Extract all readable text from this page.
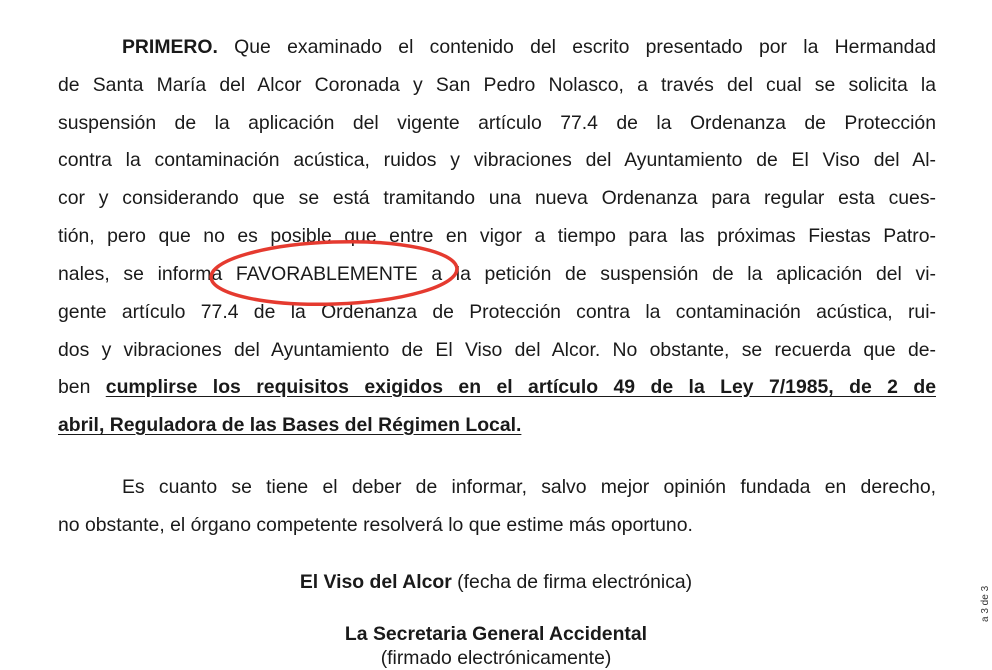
PRIMERO. Que examinado el contenido del escrito presentado por la Hermandad
de Santa María del Alcor Coronada y San Pedro Nolasco, a través del cual se solicita la
suspensión de la aplicación del vigente artículo 77.4 de la Ordenanza de Protección
contra la contaminación acústica, ruidos y vibraciones del Ayuntamiento de El Viso del Al-
cor y considerando que se está tramitando una nueva Ordenanza para regular esta cues-
tión, pero que no es posible que entre en vigor a tiempo para las próximas Fiestas Patro-
nales, se informa FAVORABLEMENTE a la petición de suspensión de la aplicación del vi-
gente artículo 77.4 de la Ordenanza de Protección contra la contaminación acústica, rui-
dos y vibraciones del Ayuntamiento de El Viso del Alcor. No obstante, se recuerda que de-
ben cumplirse los requisitos exigidos en el artículo 49 de la Ley 7/1985, de 2 de
abril, Reguladora de las Bases del Régimen Local.
Es cuanto se tiene el deber de informar, salvo mejor opinión fundada en derecho,
no obstante, el órgano competente resolverá lo que estime más oportuno.
El Viso del Alcor (fecha de firma electrónica)
La Secretaria General Accidental
(firmado electrónicamente)
a 3 de 3
